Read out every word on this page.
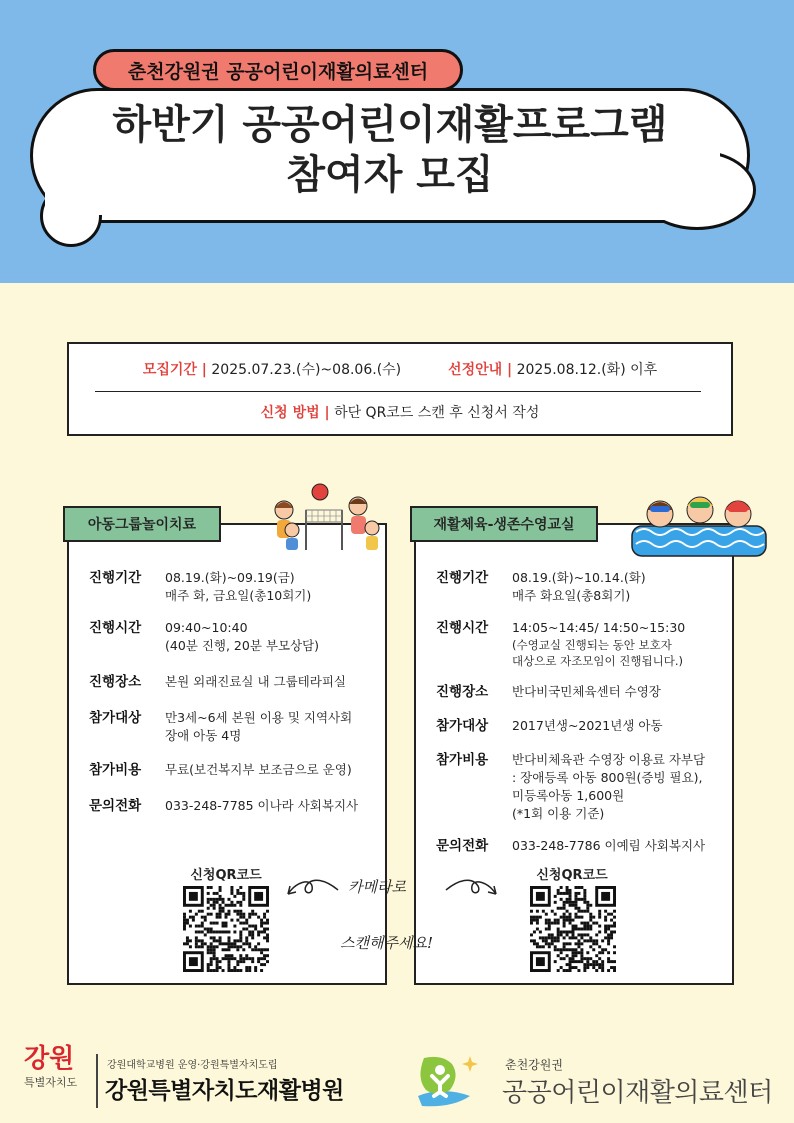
춘천강원권 공공어린이재활의료센터
하반기 공공어린이재활프로그램
참여자 모집
모집기간 | 2025.07.23.(수)~08.06.(수)	선정안내 | 2025.08.12.(화) 이후
신청 방법 | 하단 QR코드 스캔 후 신청서 작성
진행기간	08.19.(화)~09.19(금)
매주 화, 금요일(총10회기)
진행시간	09:40~10:40
(40분 진행, 20분 부모상담)
진행장소	본원 외래진료실 내 그룹테라피실
참가대상	만3세~6세 본원 이용 및 지역사회
장애 아동 4명
참가비용	무료(보건복지부 보조금으로 운영)
문의전화	033-248-7785 이나라 사회복지사
아동그룹놀이치료
진행기간	08.19.(화)~10.14.(화)
매주 화요일(총8회기)
진행시간	14:05~14:45/ 14:50~15:30
(수영교실 진행되는 동안 보호자
대상으로 자조모임이 진행됩니다.)
진행장소	반다비국민체육센터 수영장
참가대상	2017년생~2021년생 아동
참가비용	반다비체육관 수영장 이용료 자부담
: 장애등록 아동 800원(증빙 필요),
미등록아동 1,600원
(*1회 이용 기준)
문의전화	033-248-7786 이예림 사회복지사
재활체육-생존수영교실
신청QR코드	신청QR코드
카메라로
스캔해주세요!
강원
특별자치도
강원대학교병원 운영·강원특별자치도립
강원특별자치도재활병원
춘천강원권
공공어린이재활의료센터
